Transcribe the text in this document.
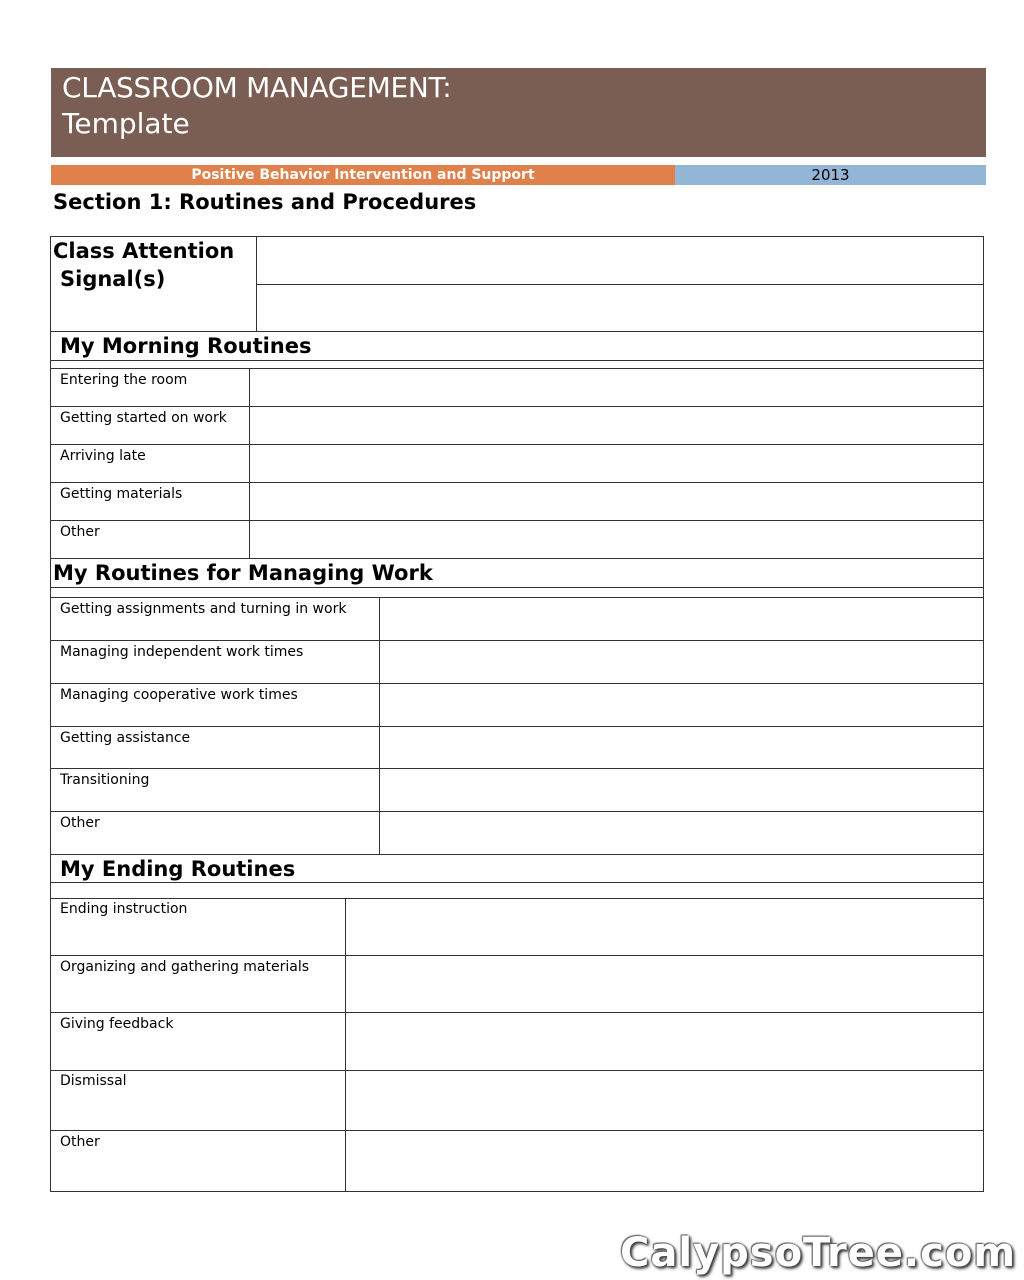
CLASSROOM MANAGEMENT:
Template
Positive Behavior Intervention and Support	2013
Section 1: Routines and Procedures
Class Attention
Signal(s)
My Morning Routines
Entering the room
Getting started on work
Arriving late
Getting materials
Other
My Routines for Managing Work
Getting assignments and turning in work
Managing independent work times
Managing cooperative work times
Getting assistance
Transitioning
Other
My Ending Routines
Ending instruction
Organizing and gathering materials
Giving feedback
Dismissal
Other
CalypsoTree.com
